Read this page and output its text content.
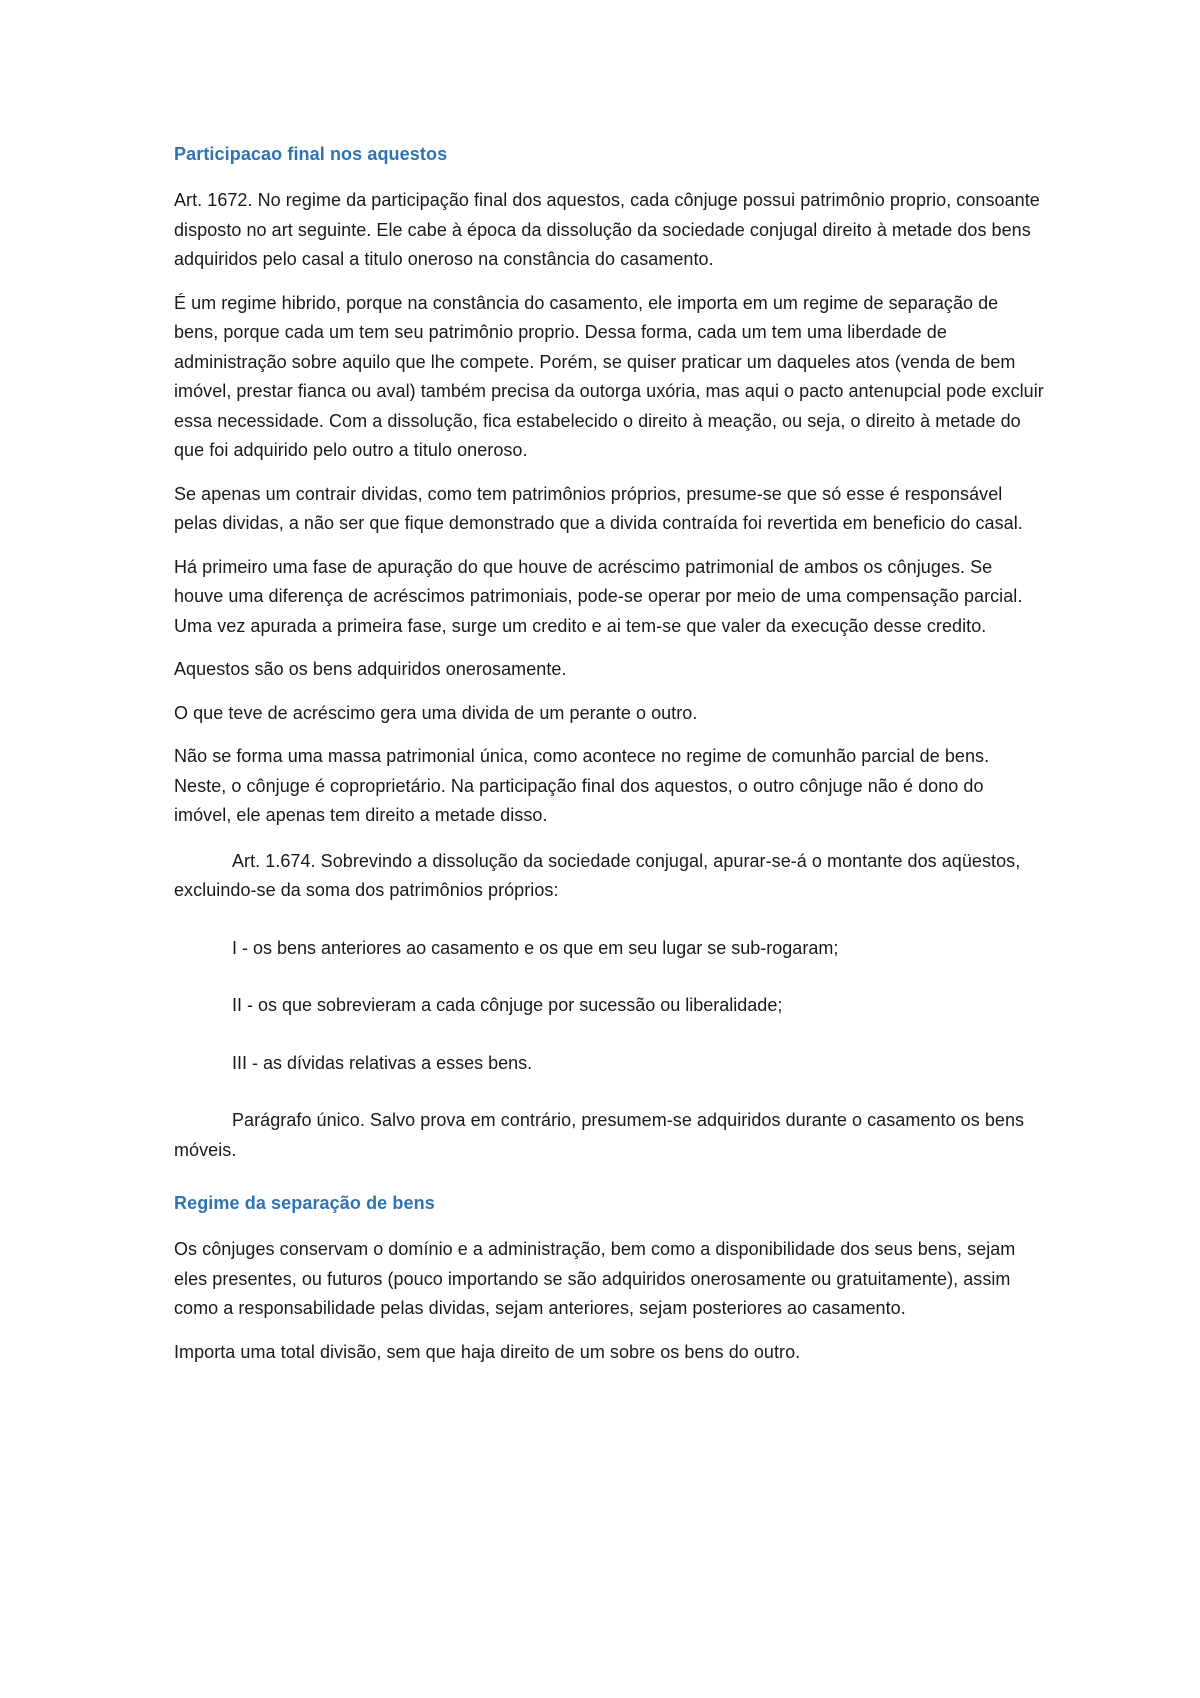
Participacao final nos aquestos

Art. 1672. No regime da participação final dos aquestos, cada cônjuge possui patrimônio proprio, consoante disposto no art seguinte. Ele cabe à época da dissolução da sociedade conjugal direito à metade dos bens adquiridos pelo casal a titulo oneroso na constância do casamento.

É um regime hibrido, porque na constância do casamento, ele importa em um regime de separação de bens, porque cada um tem seu patrimônio proprio. Dessa forma, cada um tem uma liberdade de administração sobre aquilo que lhe compete. Porém, se quiser praticar um daqueles atos (venda de bem imóvel, prestar fianca ou aval) também precisa da outorga uxória, mas aqui o pacto antenupcial pode excluir essa necessidade. Com a dissolução, fica estabelecido o direito à meação, ou seja, o direito à metade do que foi adquirido pelo outro a titulo oneroso.

Se apenas um contrair dividas, como tem patrimônios próprios, presume-se que só esse é responsável pelas dividas, a não ser que fique demonstrado que a divida contraída foi revertida em beneficio do casal.

Há primeiro uma fase de apuração do que houve de acréscimo patrimonial de ambos os cônjuges. Se houve uma diferença de acréscimos patrimoniais, pode-se operar por meio de uma compensação parcial. Uma vez apurada a primeira fase, surge um credito e ai tem-se que valer da execução desse credito.

Aquestos são os bens adquiridos onerosamente.

O que teve de acréscimo gera uma divida de um perante o outro.

Não se forma uma massa patrimonial única, como acontece no regime de comunhão parcial de bens. Neste, o cônjuge é coproprietário. Na participação final dos aquestos, o outro cônjuge não é dono do imóvel, ele apenas tem direito a metade disso.

Art. 1.674. Sobrevindo a dissolução da sociedade conjugal, apurar-se-á o montante dos aqüestos, excluindo-se da soma dos patrimônios próprios:

I - os bens anteriores ao casamento e os que em seu lugar se sub-rogaram;

II - os que sobrevieram a cada cônjuge por sucessão ou liberalidade;

III - as dívidas relativas a esses bens.

Parágrafo único. Salvo prova em contrário, presumem-se adquiridos durante o casamento os bens móveis.

Regime da separação de bens

Os cônjuges conservam o domínio e a administração, bem como a disponibilidade dos seus bens, sejam eles presentes, ou futuros (pouco importando se são adquiridos onerosamente ou gratuitamente), assim como a responsabilidade pelas dividas, sejam anteriores, sejam posteriores ao casamento.

Importa uma total divisão, sem que haja direito de um sobre os bens do outro.
